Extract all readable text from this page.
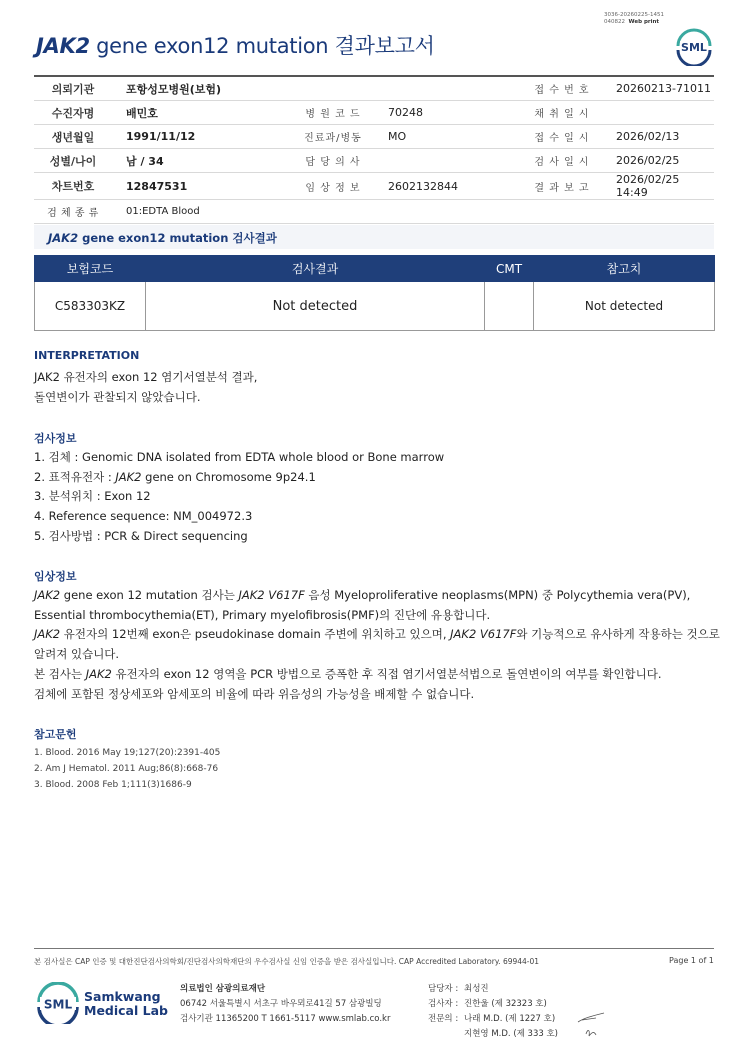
3036-20260225-1451
040822 Web print
JAK2 gene exon12 mutation 결과보고서	SML
의뢰기관	포항성모병원(보험)			접 수 번 호	20260213-71011
수진자명	배민호	병 원 코 드	70248	채 취 일 시	
생년월일	1991/11/12	진료과/병동	MO	접 수 일 시	2026/02/13
성별/나이	남 / 34	담 당 의 사		검 사 일 시	2026/02/25
차트번호	12847531	임 상 정 보	2602132844	결 과 보 고	2026/02/25 14:49
검 체 종 류	01:EDTA Blood				
JAK2 gene exon12 mutation 검사결과
보험코드	검사결과	CMT	참고치
C583303KZ	Not detected		Not detected
INTERPRETATION
JAK2 유전자의 exon 12 염기서열분석 결과,
돌연변이가 관찰되지 않았습니다.
검사정보
1. 검체 : Genomic DNA isolated from EDTA whole blood or Bone marrow
2. 표적유전자 : JAK2 gene on Chromosome 9p24.1
3. 분석위치 : Exon 12
4. Reference sequence: NM_004972.3
5. 검사방법 : PCR & Direct sequencing
임상정보
JAK2 gene exon 12 mutation 검사는 JAK2 V617F 음성 Myeloproliferative neoplasms(MPN) 중 Polycythemia vera(PV),
Essential thrombocythemia(ET), Primary myelofibrosis(PMF)의 진단에 유용합니다.
JAK2 유전자의 12번째 exon은 pseudokinase domain 주변에 위치하고 있으며, JAK2 V617F와 기능적으로 유사하게 작용하는 것으로
알려져 있습니다.
본 검사는 JAK2 유전자의 exon 12 영역을 PCR 방법으로 증폭한 후 직접 염기서열분석법으로 돌연변이의 여부를 확인합니다.
검체에 포함된 정상세포와 암세포의 비율에 따라 위음성의 가능성을 배제할 수 없습니다.
참고문헌
1. Blood. 2016 May 19;127(20):2391-405
2. Am J Hematol. 2011 Aug;86(8):668-76
3. Blood. 2008 Feb 1;111(3)1686-9
본 검사실은 CAP 인증 및 대한진단검사의학회/진단검사의학재단의 우수검사실 신임 인증을 받은 검사실입니다. CAP Accredited Laboratory. 69944-01	Page 1 of 1
SML
Samkwang
Medical Lab
의료법인 삼광의료재단
06742 서울특별시 서초구 바우뫼로41길 57 삼광빌딩
검사기관 11365200 T 1661-5117 www.smlab.co.kr
담당자 : 최성진
검사자 : 진한울 (제 32323 호)
전문의 : 나래 M.D. (제 1227 호)
지현영 M.D. (제 333 호)
